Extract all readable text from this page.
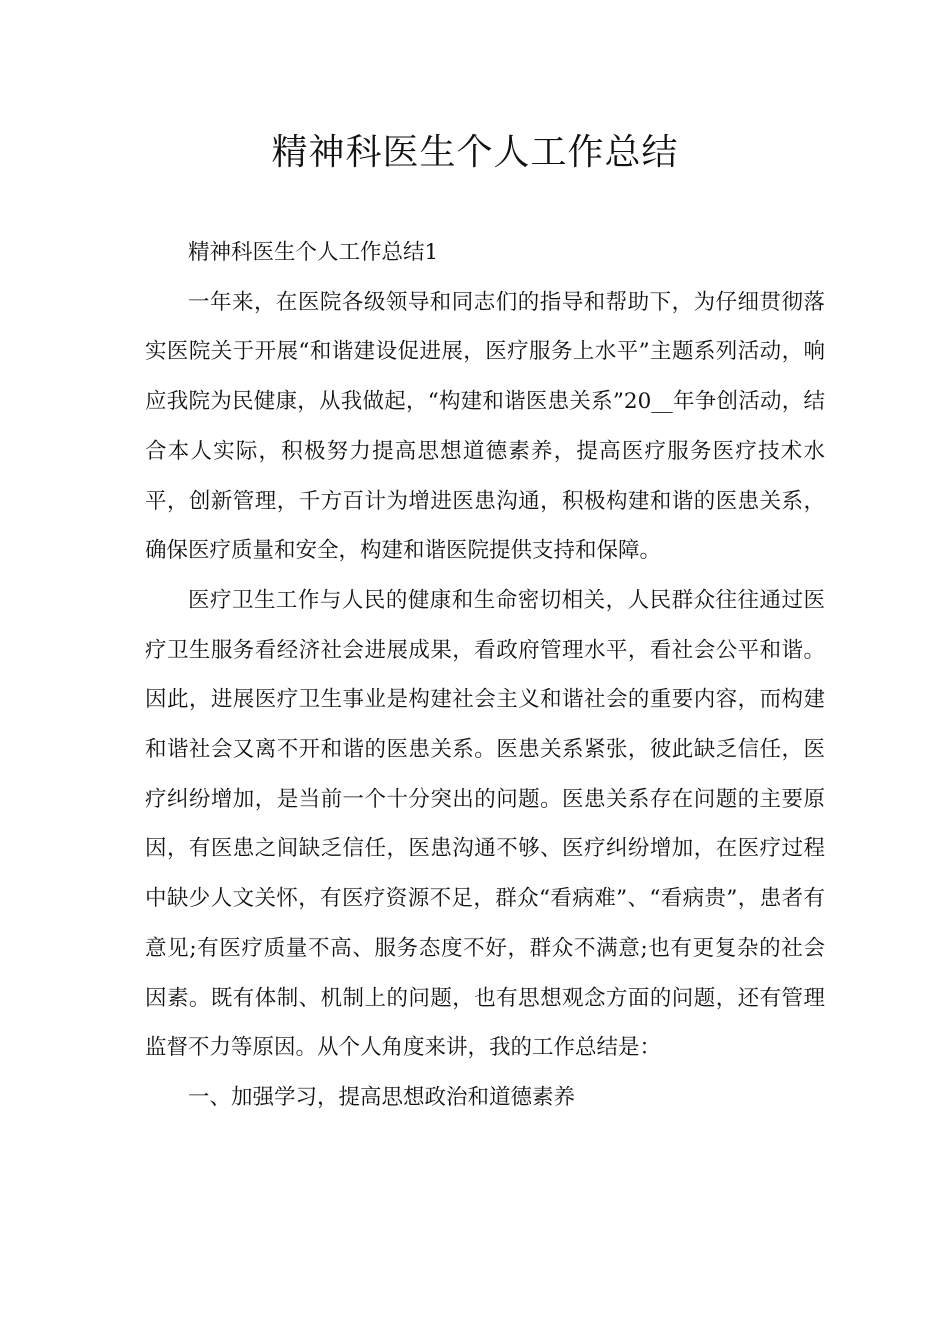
精神科医生个人工作总结

精神科医生个人工作总结1

一年来，在医院各级领导和同志们的指导和帮助下，为仔细贯彻落实医院关于开展“和谐建设促进展，医疗服务上水平”主题系列活动，响应我院为民健康，从我做起，“构建和谐医患关系”20__年争创活动，结合本人实际，积极努力提高思想道德素养，提高医疗服务医疗技术水平，创新管理，千方百计为增进医患沟通，积极构建和谐的医患关系，确保医疗质量和安全，构建和谐医院提供支持和保障。

医疗卫生工作与人民的健康和生命密切相关，人民群众往往通过医疗卫生服务看经济社会进展成果，看政府管理水平，看社会公平和谐。因此，进展医疗卫生事业是构建社会主义和谐社会的重要内容，而构建和谐社会又离不开和谐的医患关系。医患关系紧张，彼此缺乏信任，医疗纠纷增加，是当前一个十分突出的问题。医患关系存在问题的主要原因，有医患之间缺乏信任，医患沟通不够、医疗纠纷增加，在医疗过程中缺少人文关怀，有医疗资源不足，群众“看病难”、“看病贵”，患者有意见;有医疗质量不高、服务态度不好，群众不满意;也有更复杂的社会因素。既有体制、机制上的问题，也有思想观念方面的问题，还有管理监督不力等原因。从个人角度来讲，我的工作总结是：

一、加强学习，提高思想政治和道德素养
